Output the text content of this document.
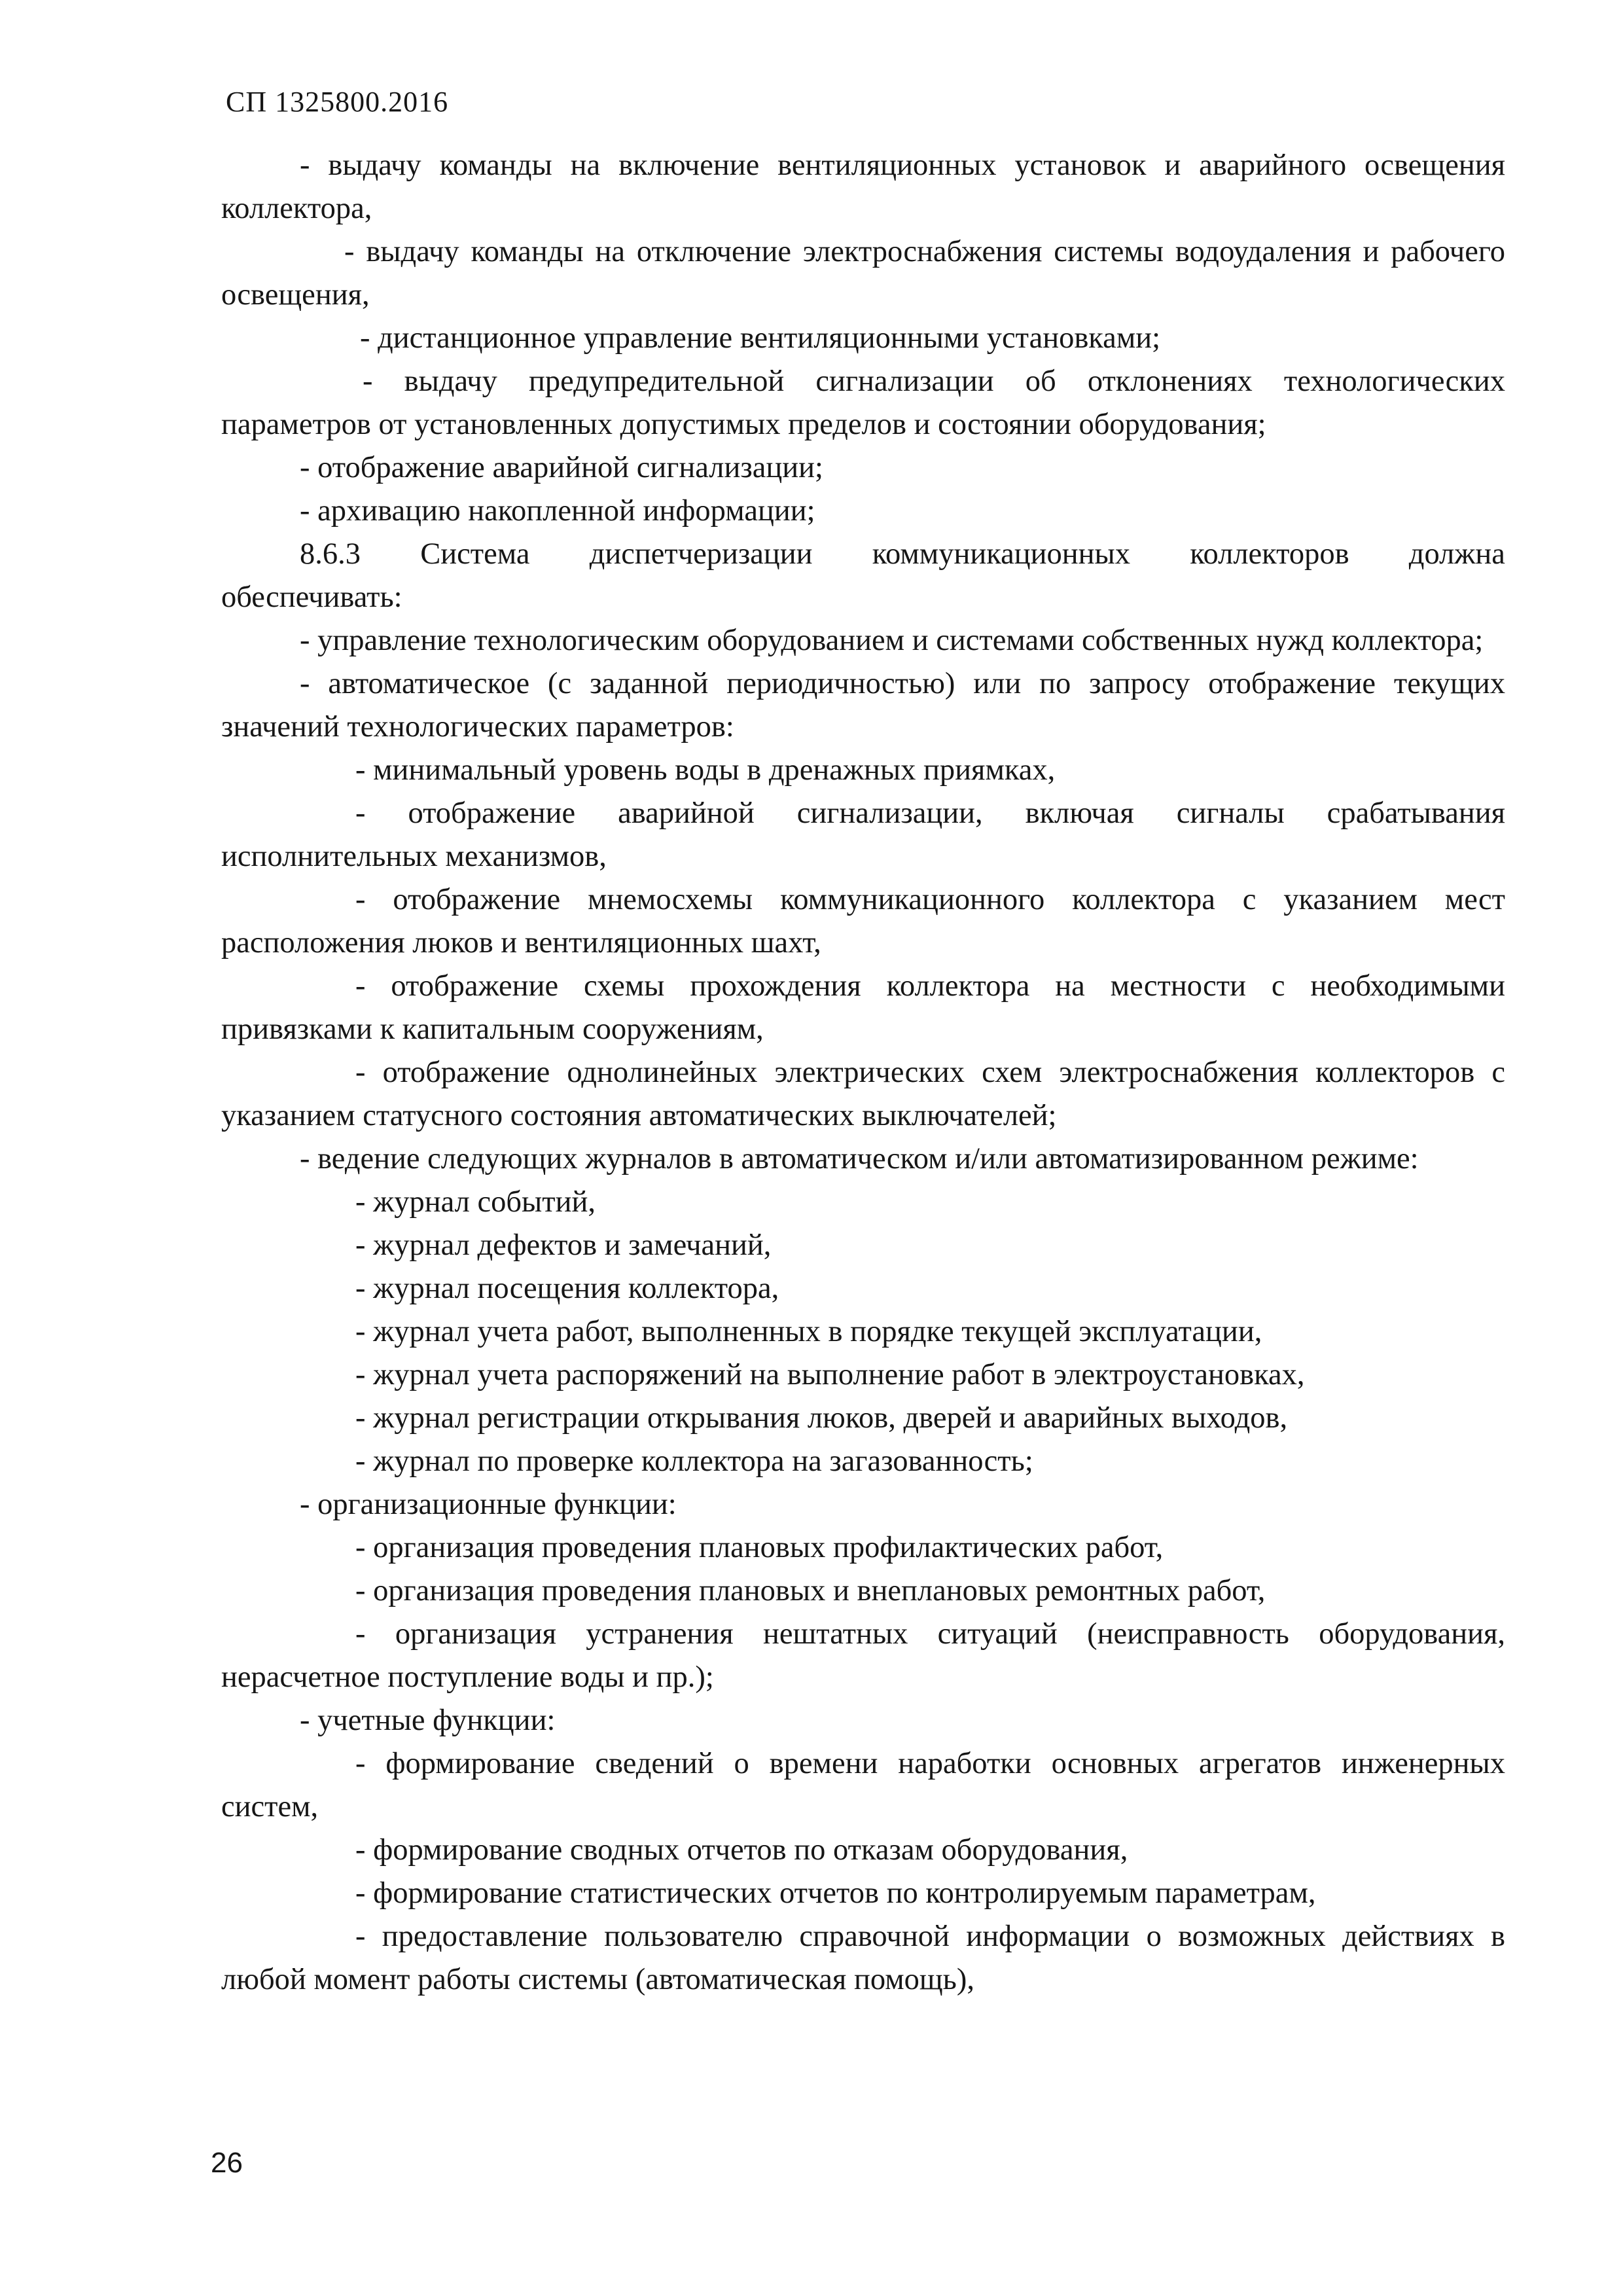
СП 1325800.2016

- выдачу команды на включение вентиляционных установок и аварийного освещения коллектора,

- выдачу команды на отключение электроснабжения системы водоудаления и рабочего освещения,

- дистанционное управление вентиляционными установками;

- выдачу предупредительной сигнализации об отклонениях технологических параметров от установленных допустимых пределов и состоянии оборудования;

- отображение аварийной сигнализации;

- архивацию накопленной информации;

8.6.3 Система диспетчеризации коммуникационных коллекторов должна

обеспечивать:

- управление технологическим оборудованием и системами собственных нужд коллектора;

- автоматическое (с заданной периодичностью) или по запросу отображение текущих значений технологических параметров:

- минимальный уровень воды в дренажных приямках,

- отображение аварийной сигнализации, включая сигналы срабатывания исполнительных механизмов,

- отображение мнемосхемы коммуникационного коллектора с указанием мест расположения люков и вентиляционных шахт,

- отображение схемы прохождения коллектора на местности с необходимыми привязками к капитальным сооружениям,

- отображение однолинейных электрических схем электроснабжения коллекторов с указанием статусного состояния автоматических выключателей;

- ведение следующих журналов в автоматическом и/или автоматизированном режиме:

- журнал событий,

- журнал дефектов и замечаний,

- журнал посещения коллектора,

- журнал учета работ, выполненных в порядке текущей эксплуатации,

- журнал учета распоряжений на выполнение работ в электроустановках,

- журнал регистрации открывания люков, дверей и аварийных выходов,

- журнал по проверке коллектора на загазованность;

- организационные функции:

- организация проведения плановых профилактических работ,

- организация проведения плановых и внеплановых ремонтных работ,

- организация устранения нештатных ситуаций (неисправность оборудования, нерасчетное поступление воды и пр.);

- учетные функции:

- формирование сведений о времени наработки основных агрегатов инженерных систем,

- формирование сводных отчетов по отказам оборудования,

- формирование статистических отчетов по контролируемым параметрам,

- предоставление пользователю справочной информации о возможных действиях в любой момент работы системы (автоматическая помощь),

26
